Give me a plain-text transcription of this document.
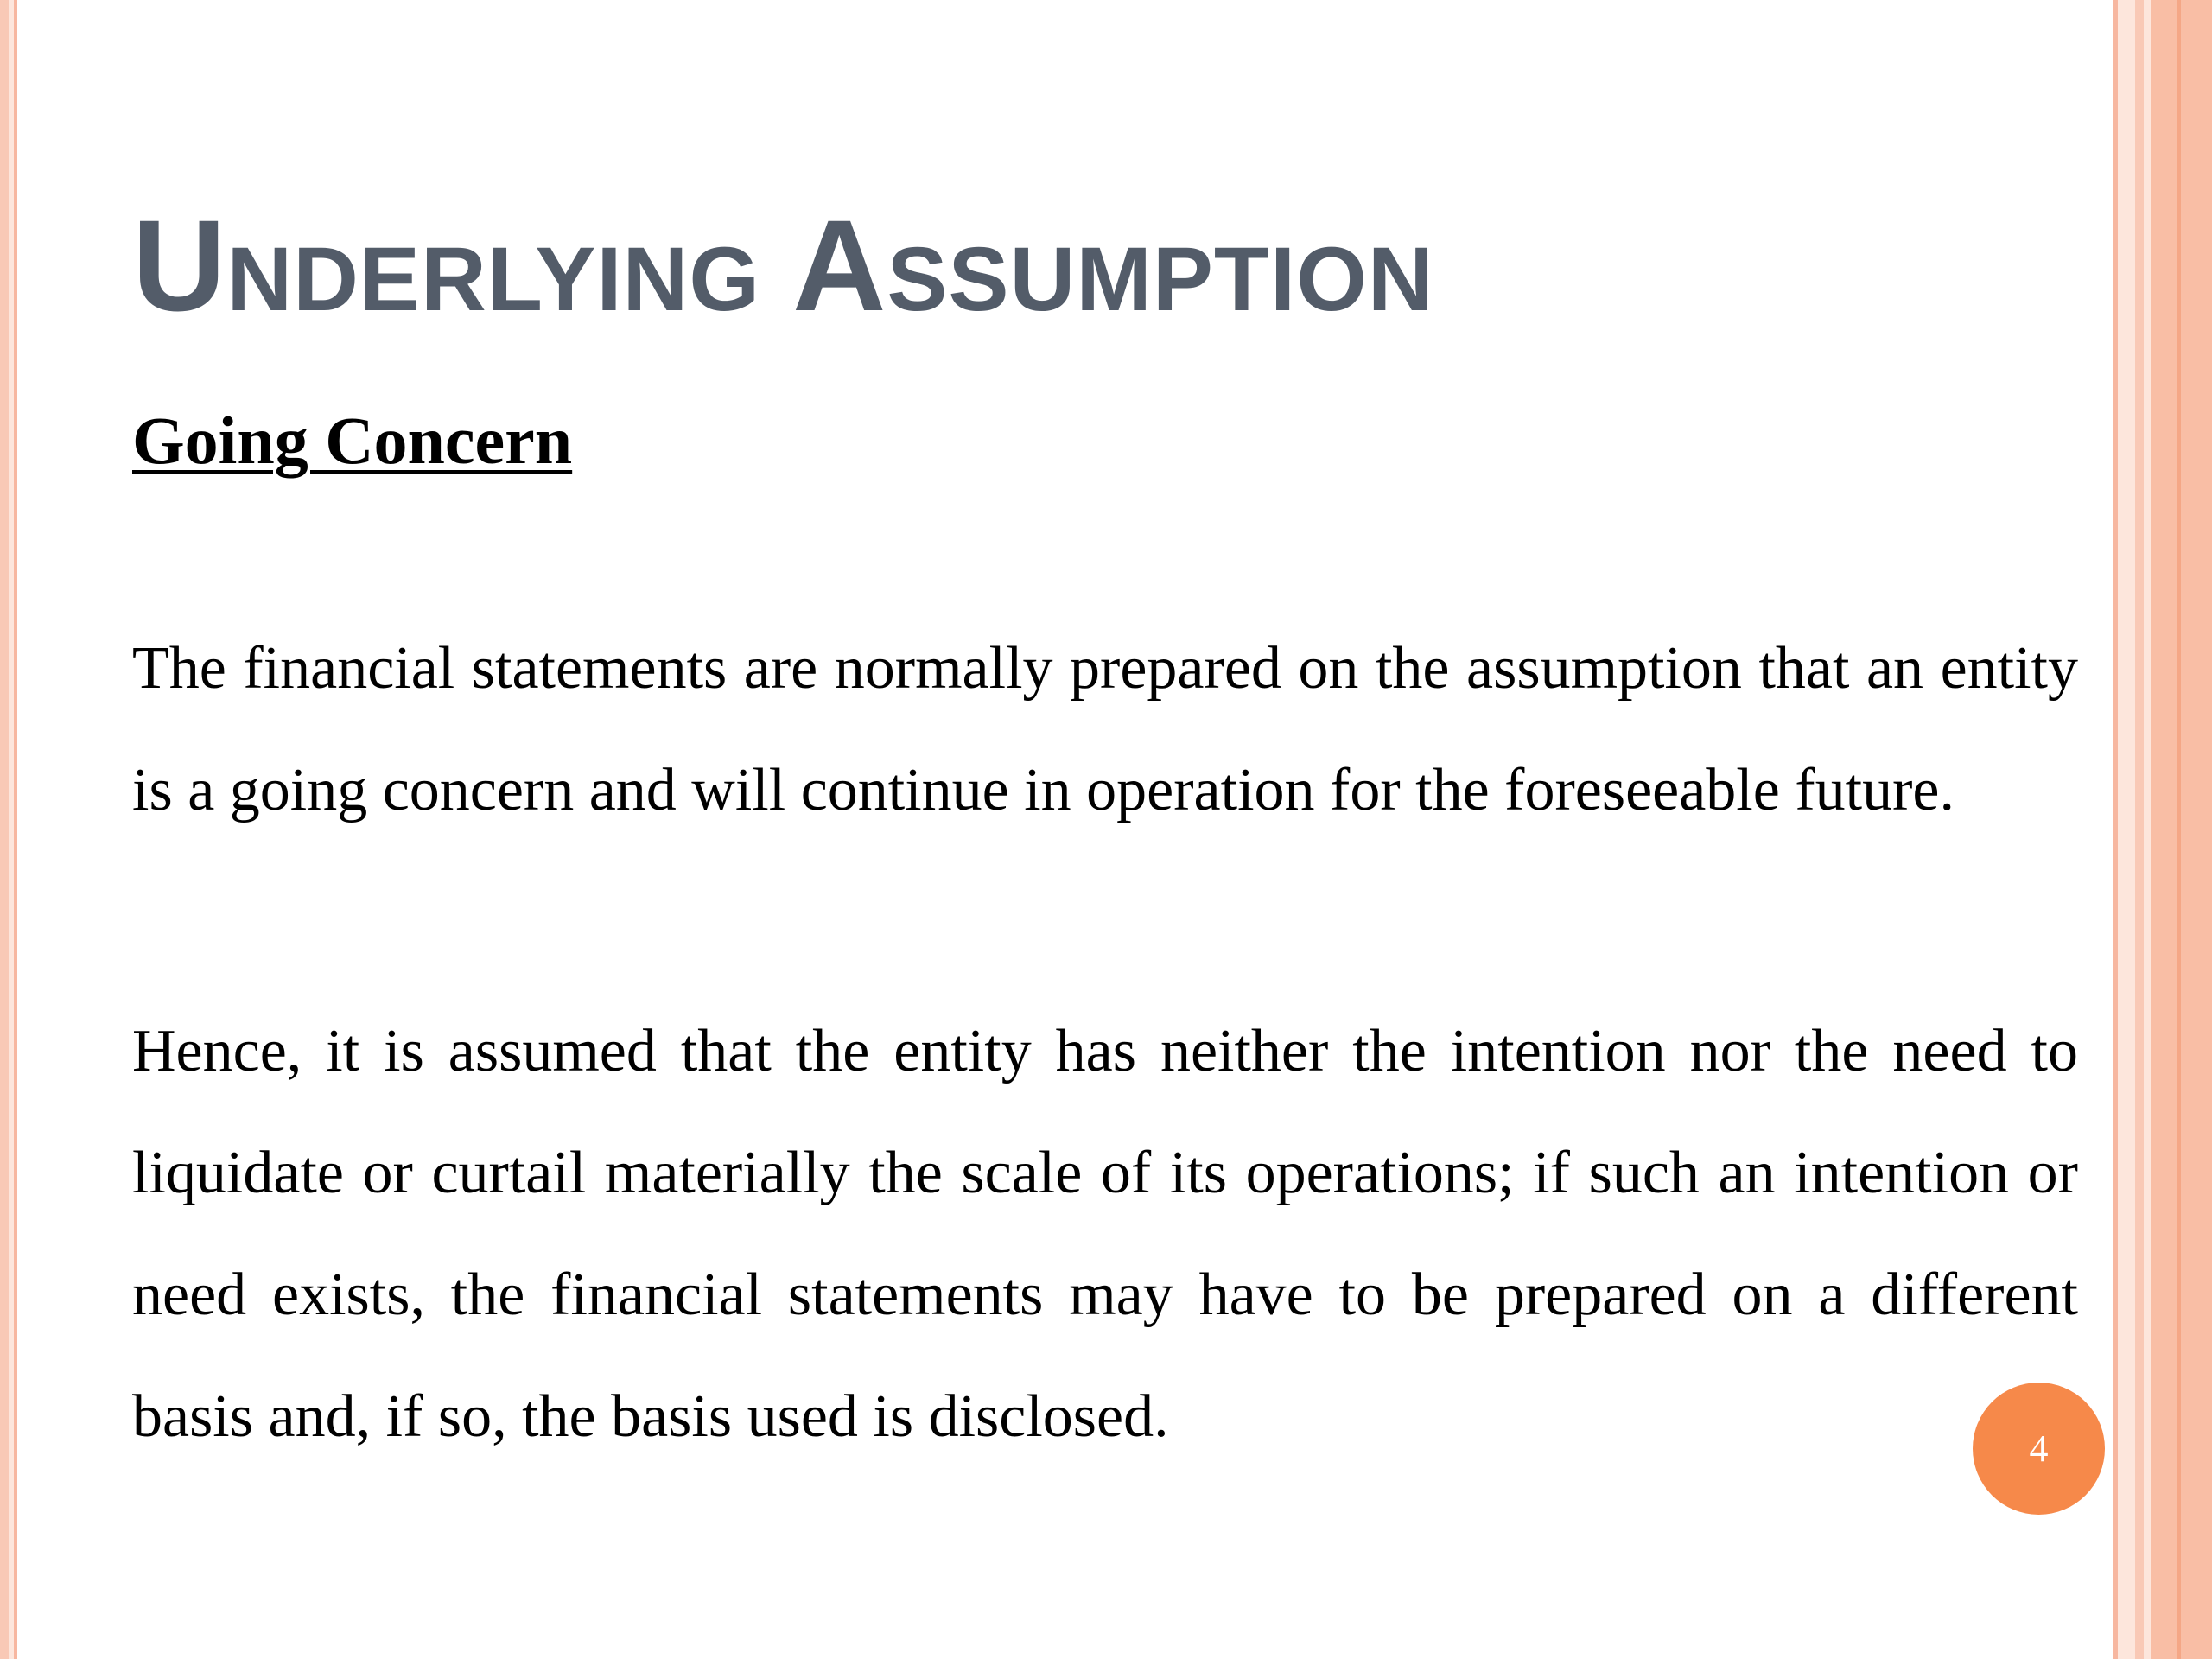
Underlying Assumption
Going Concern

The financial statements are normally prepared on the assumption that an entity is a going concern and will continue in operation for the foreseeable future.

Hence, it is assumed that the entity has neither the intention nor the need to liquidate or curtail materially the scale of its operations; if such an intention or need exists, the financial statements may have to be prepared on a different basis and, if so, the basis used is disclosed.	4
